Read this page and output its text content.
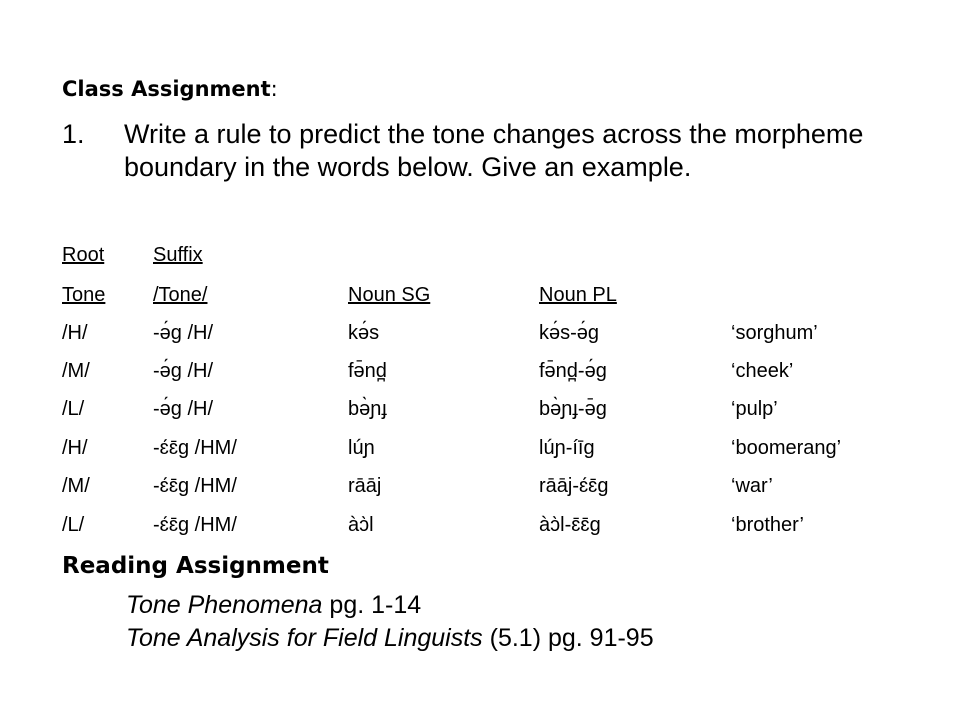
Class Assignment:
1. Write a rule to predict the tone changes across the morpheme boundary in the words below. Give an example.
Root Suffix
Tone /Tone/	Noun SG	Noun PL
/H/	-ə́g /H/	kə́s	kə́s-ə́g	‘sorghum’
/M/	-ə́g /H/	fə̄nd̪	fə̄nd̪-ə́g	‘cheek’
/L/	-ə́g /H/	bə̀ɲɟ	bə̀ɲɟ-ə̄g	‘pulp’
/H/	-ɛ́ɛ̄g /HM/	lúɲ	lúɲ-íīg	‘boomerang’
/M/	-ɛ́ɛ̄g /HM/	rāāj	rāāj-ɛ́ɛ̄g	‘war’
/L/	-ɛ́ɛ̄g /HM/	àɔ̀l	àɔ̀l-ɛ̄ɛ̄g	‘brother’
Reading Assignment
Tone Phenomena pg. 1-14
Tone Analysis for Field Linguists (5.1) pg. 91-95
